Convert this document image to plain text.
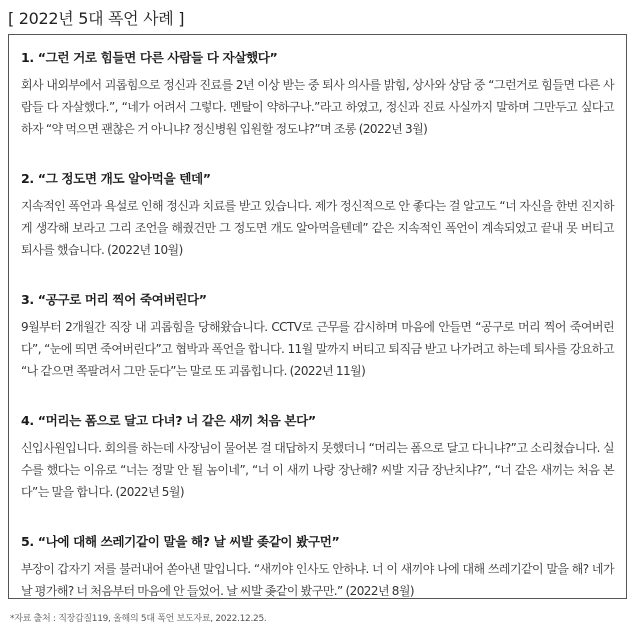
[ 2022년 5대 폭언 사례 ]
1. “그런 거로 힘들면 다른 사람들 다 자살했다”

회사 내외부에서 괴롭힘으로 정신과 진료를 2년 이상 받는 중 퇴사 의사를 밝힘, 상사와 상담 중 “그런거로 힘들면 다른 사람들 다 자살했다.”, “네가 어려서 그렇다. 멘탈이 약하구나.”라고 하였고, 정신과 진료 사실까지 말하며 그만두고 싶다고 하자 “약 먹으면 괜찮은 거 아니냐? 정신병원 입원할 정도냐?”며 조롱 (2022년 3월)

2. “그 정도면 개도 알아먹을 텐데”

지속적인 폭언과 욕설로 인해 정신과 치료를 받고 있습니다. 제가 정신적으로 안 좋다는 걸 알고도 “너 자신을 한번 진지하게 생각해 보라고 그리 조언을 해줬건만 그 정도면 개도 알아먹을텐데” 같은 지속적인 폭언이 계속되었고 끝내 못 버티고 퇴사를 했습니다. (2022년 10월)

3. “공구로 머리 찍어 죽여버린다”

9월부터 2개월간 직장 내 괴롭힘을 당해왔습니다. CCTV로 근무를 감시하며 마음에 안들면 “공구로 머리 찍어 죽여버린다”, “눈에 띄면 죽여버린다”고 협박과 폭언을 합니다. 11월 말까지 버티고 퇴직금 받고 나가려고 하는데 퇴사를 강요하고 “나 같으면 쪽팔려서 그만 둔다”는 말로 또 괴롭힙니다. (2022년 11월)

4. “머리는 폼으로 달고 다녀? 너 같은 새끼 처음 본다”

신입사원입니다. 회의를 하는데 사장님이 물어본 걸 대답하지 못했더니 “머리는 폼으로 달고 다니냐?”고 소리쳤습니다. 실수를 했다는 이유로 “너는 정말 안 될 놈이네”, “너 이 새끼 나랑 장난해? 씨발 지금 장난치냐?”, “너 같은 새끼는 처음 본다”는 말을 합니다. (2022년 5월)

5. “나에 대해 쓰레기같이 말을 해? 날 씨발 좆같이 봤구먼”

부장이 갑자기 저를 불러내어 쏟아낸 말입니다. “새끼야 인사도 안하냐. 너 이 새끼야 나에 대해 쓰레기같이 말을 해? 네가 날 평가해? 너 처음부터 마음에 안 들었어. 날 씨발 좆같이 봤구만.” (2022년 8월)

*자료 출처 : 직장갑질119, 올해의 5대 폭언 보도자료, 2022.12.25.
